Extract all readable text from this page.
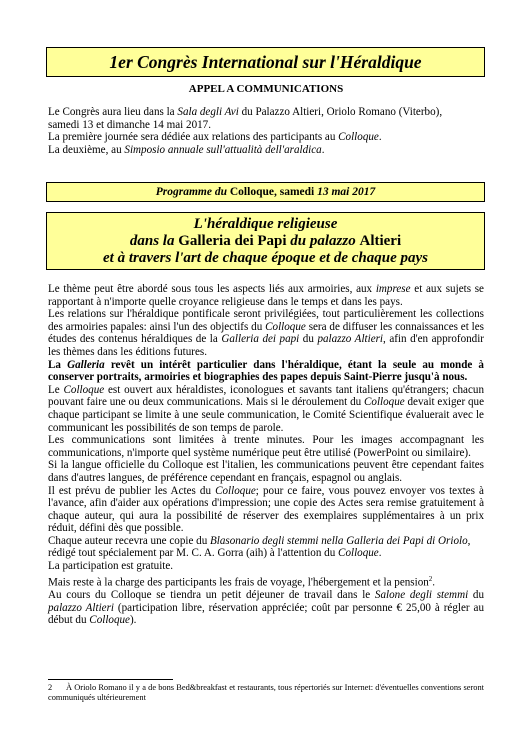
1er Congrès International sur l'Héraldique
APPEL A COMMUNICATIONS
Le Congrès aura lieu dans la Sala degli Avi du Palazzo Altieri, Oriolo Romano (Viterbo),
samedi 13 et dimanche 14 mai 2017.
La première journée sera dédiée aux relations des participants au Colloque.
La deuxième, au Simposio annuale sull'attualità dell'araldica.
Programme du Colloque, samedi 13 mai 2017
L'héraldique religieuse
dans la Galleria dei Papi du palazzo Altieri
et à travers l'art de chaque époque et de chaque pays

Le thème peut être abordé sous tous les aspects liés aux armoiries, aux imprese et aux sujets se rapportant à n'importe quelle croyance religieuse dans le temps et dans les pays.

Les relations sur l'héraldique pontificale seront privilégiées, tout particulièrement les collections des armoiries papales: ainsi l'un des objectifs du Colloque sera de diffuser les connaissances et les études des contenus héraldiques de la Galleria dei papi du palazzo Altieri, afin d'en approfondir les thèmes dans les éditions futures.

La Galleria revêt un intérêt particulier dans l'héraldique, étant la seule au monde à conserver portraits, armoiries et biographies des papes depuis Saint-Pierre jusqu'à nous.

Le Colloque est ouvert aux héraldistes, iconologues et savants tant italiens qu'étrangers; chacun pouvant faire une ou deux communications. Mais si le déroulement du Colloque devait exiger que chaque participant se limite à une seule communication, le Comité Scientifique évaluerait avec le communicant les possibilités de son temps de parole.

Les communications sont limitées à trente minutes. Pour les images accompagnant les communications, n'importe quel système numérique peut être utilisé (PowerPoint ou similaire).

Si la langue officielle du Colloque est l'italien, les communications peuvent être cependant faites dans d'autres langues, de préférence cependant en français, espagnol ou anglais.

Il est prévu de publier les Actes du Colloque; pour ce faire, vous pouvez envoyer vos textes à l'avance, afin d'aider aux opérations d'impression; une copie des Actes sera remise gratuitement à chaque auteur, qui aura la possibilité de réserver des exemplaires supplémentaires à un prix réduit, défini dès que possible.

Chaque auteur recevra une copie du Blasonario degli stemmi nella Galleria dei Papi di Oriolo,
rédigé tout spécialement par M. C. A. Gorra (aih) à l'attention du Colloque.

La participation est gratuite.

Mais reste à la charge des participants les frais de voyage, l'hébergement et la pension$^2$.

Au cours du Colloque se tiendra un petit déjeuner de travail dans le Salone degli stemmi du palazzo Altieri (participation libre, réservation appréciée; coût par personne € 25,00 à régler au début du Colloque).

2 À Oriolo Romano il y a de bons Bed&breakfast et restaurants, tous répertoriés sur Internet: d'éventuelles conventions seront communiqués ultérieurement
